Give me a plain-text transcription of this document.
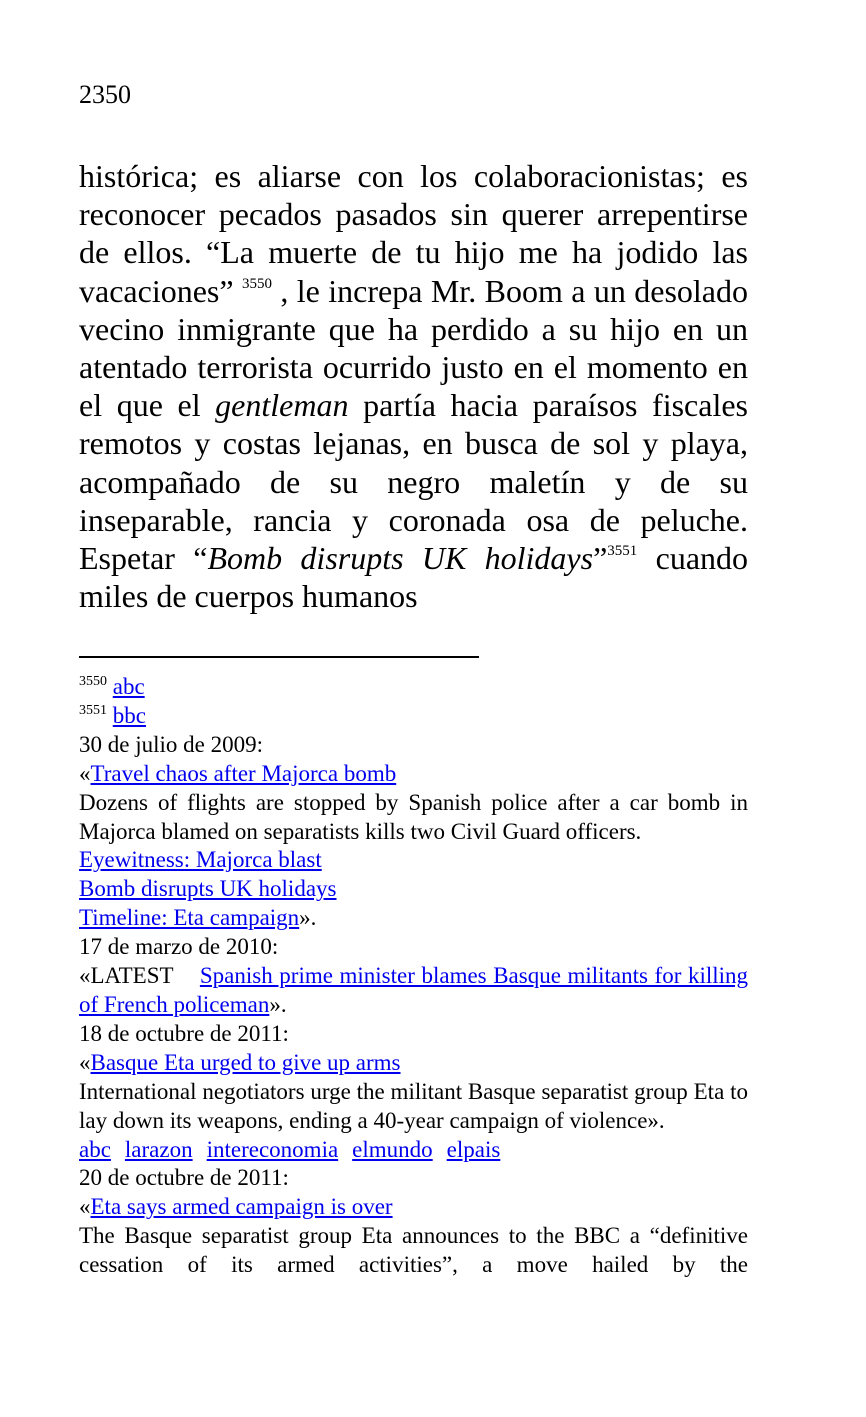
2350
histórica; es aliarse con los colaboracionistas; es reconocer pecados pasados sin querer arrepentirse de ellos. “La muerte de tu hijo me ha jodido las vacaciones” $^{3550}$ , le increpa Mr. Boom a un desolado vecino inmigrante que ha perdido a su hijo en un atentado terrorista ocurrido justo en el momento en el que el gentleman partía hacia paraísos fiscales remotos y costas lejanas, en busca de sol y playa, acompañado de su negro maletín y de su inseparable, rancia y coronada osa de peluche. Espetar “Bomb disrupts UK holidays”$^{3551}$ cuando miles de cuerpos humanos
$^{3550}$ abc
$^{3551}$ bbc
30 de julio de 2009:
«Travel chaos after Majorca bomb
Dozens of flights are stopped by Spanish police after a car bomb in Majorca blamed on separatists kills two Civil Guard officers.
Eyewitness: Majorca blast
Bomb disrupts UK holidays
Timeline: Eta campaign».
17 de marzo de 2010:
«LATEST Spanish prime minister blames Basque militants for killing of French policeman».
18 de octubre de 2011:
«Basque Eta urged to give up arms
International negotiators urge the militant Basque separatist group Eta to lay down its weapons, ending a 40-year campaign of violence».
abc larazon intereconomia elmundo elpais
20 de octubre de 2011:
«Eta says armed campaign is over
The Basque separatist group Eta announces to the BBC a “definitive cessation of its armed activities”, a move hailed by the
